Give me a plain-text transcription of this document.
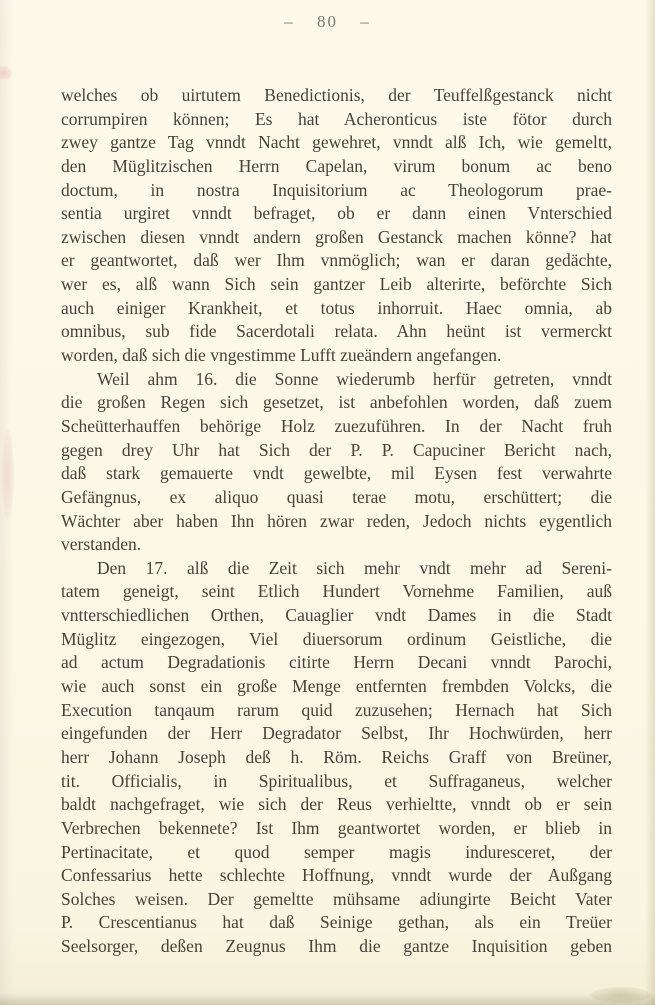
– 80 –
welches ob uirtutem Benedictionis, der Teuffelßgestanck nicht
corrumpiren können; Es hat Acheronticus iste fötor durch
zwey gantze Tag vnndt Nacht gewehret, vnndt alß Ich, wie gemeltt,
den Müglitzischen Herrn Capelan, virum bonum ac beno
doctum, in nostra Inquisitorium ac Theologorum prae-
sentia urgiret vnndt befraget, ob er dann einen Vnterschied
zwischen diesen vnndt andern großen Gestanck machen könne? hat
er geantwortet, daß wer Ihm vnmöglich; wan er daran gedächte,
wer es, alß wann Sich sein gantzer Leib alterirte, beförchte Sich
auch einiger Krankheit, et totus inhorruit. Haec omnia, ab
omnibus, sub fide Sacerdotali relata. Ahn heünt ist vermerckt
worden, daß sich die vngestimme Lufft zueändern angefangen.
Weil ahm 16. die Sonne wiederumb herfür getreten, vnndt
die großen Regen sich gesetzet, ist anbefohlen worden, daß zuem
Scheütterhauffen behörige Holz zuezuführen. In der Nacht fruh
gegen drey Uhr hat Sich der P. P. Capuciner Bericht nach,
daß stark gemauerte vndt gewelbte, mil Eysen fest verwahrte
Gefängnus, ex aliquo quasi terae motu, erschüttert; die
Wächter aber haben Ihn hören zwar reden, Jedoch nichts eygentlich
verstanden.
Den 17. alß die Zeit sich mehr vndt mehr ad Sereni-
tatem geneigt, seint Etlich Hundert Vornehme Familien, auß
vntterschiedlichen Orthen, Cauaglier vndt Dames in die Stadt
Müglitz eingezogen, Viel diuersorum ordinum Geistliche, die
ad actum Degradationis citirte Herrn Decani vnndt Parochi,
wie auch sonst ein große Menge entfernten frembden Volcks, die
Execution tanqaum rarum quid zuzusehen; Hernach hat Sich
eingefunden der Herr Degradator Selbst, Ihr Hochwürden, herr
herr Johann Joseph deß h. Röm. Reichs Graff von Breüner,
tit. Officialis, in Spiritualibus, et Suffraganeus, welcher
baldt nachgefraget, wie sich der Reus verhieltte, vnndt ob er sein
Verbrechen bekennete? Ist Ihm geantwortet worden, er blieb in
Pertinacitate, et quod semper magis induresceret, der
Confessarius hette schlechte Hoffnung, vnndt wurde der Außgang
Solches weisen. Der gemeltte mühsame adiungirte Beicht Vater
P. Crescentianus hat daß Seinige gethan, als ein Treüer
Seelsorger, deßen Zeugnus Ihm die gantze Inquisition geben
